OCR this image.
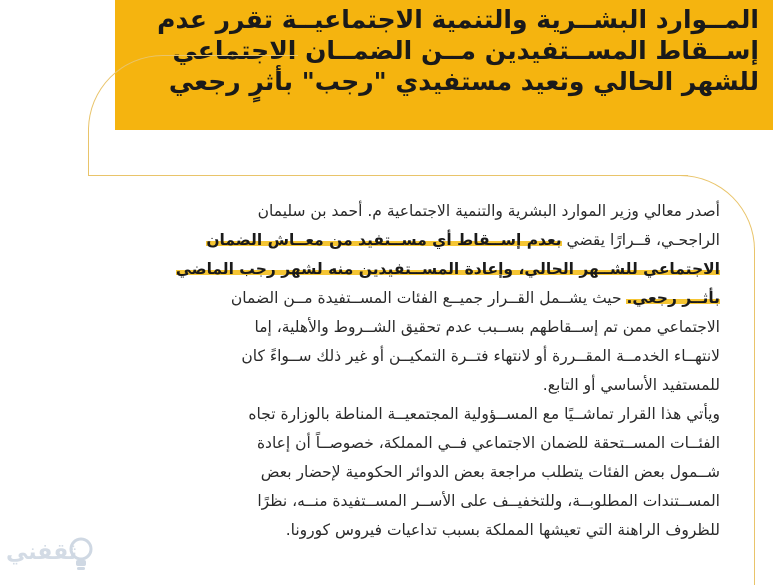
المــوارد البشــرية والتنمية الاجتماعيــة تقرر عدم
إســقاط المســتفيدين مــن الضمــان الاجتماعي
للشهر الحالي وتعيد مستفيدي "رجب" بأثرٍ رجعي
أصدر معالي وزير الموارد البشرية والتنمية الاجتماعية م. أحمد بن سليمان
الراجحـي، قــرارًا يقضي بعدم إســقاط أي مســتفيد من معــاش الضمان
الاجتماعي للشــهر الحالي، وإعادة المســتفيدين منه لشهر رجب الماضي
بأثــر رجعي. حيث يشــمل القــرار جميــع الفئات المســتفيدة مــن الضمان
الاجتماعي ممن تم إســقاطهم بســبب عدم تحقيق الشــروط والأهلية، إما
لانتهــاء الخدمــة المقــررة أو لانتهاء فتــرة التمكيــن أو غير ذلك ســواءً كان
للمستفيد الأساسي أو التابع.
ويأتي هذا القرار تماشــيًا مع المســؤولية المجتمعيــة المناطة بالوزارة تجاه
الفئــات المســتحقة للضمان الاجتماعي فــي المملكة، خصوصــاً أن إعادة
شــمول بعض الفئات يتطلب مراجعة بعض الدوائر الحكومية لإحضار بعض
المســتندات المطلوبــة، وللتخفيــف على الأســر المســتفيدة منــه، نظرًا
للظروف الراهنة التي تعيشها المملكة بسبب تداعيات فيروس كورونا.
ثقفني
